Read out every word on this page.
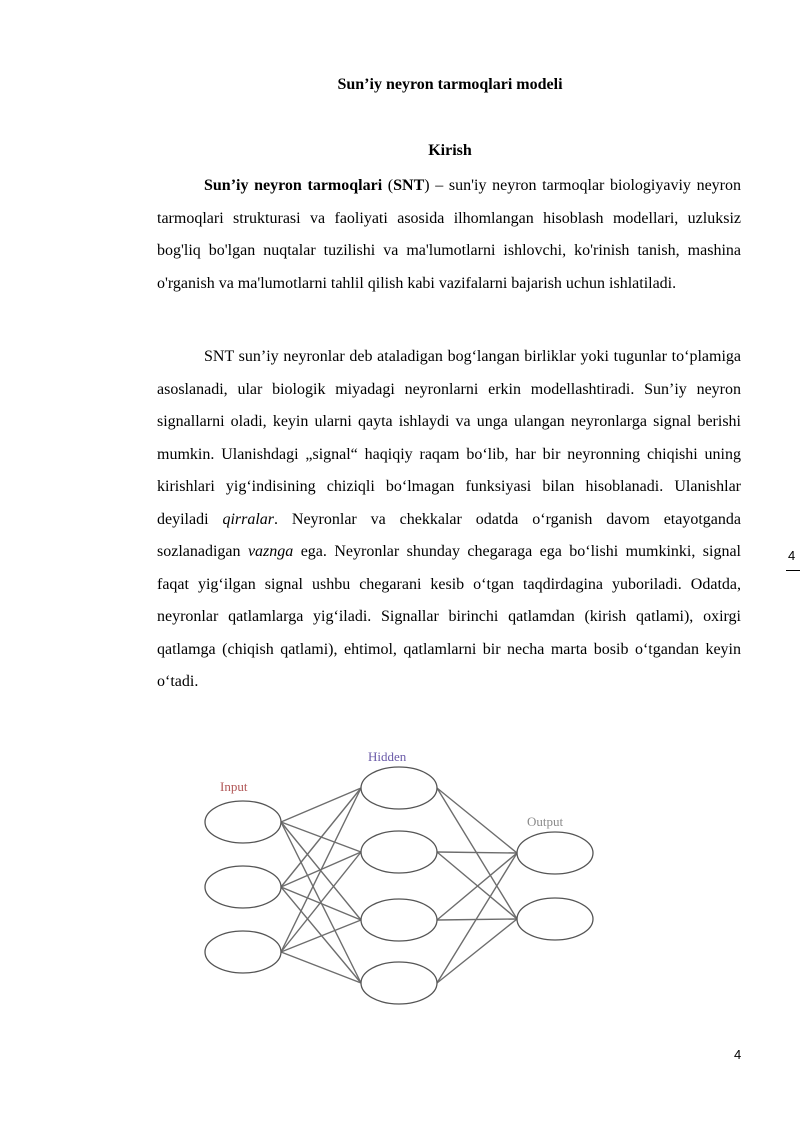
Sun’iy neyron tarmoqlari modeli
Kirish

Sun’iy neyron tarmoqlari (SNT) – sun'iy neyron tarmoqlar biologiyaviy neyron tarmoqlari strukturasi va faoliyati asosida ilhomlangan hisoblash modellari, uzluksiz bog'liq bo'lgan nuqtalar tuzilishi va ma'lumotlarni ishlovchi, ko'rinish tanish, mashina o'rganish va ma'lumotlarni tahlil qilish kabi vazifalarni bajarish uchun ishlatiladi.

SNT sun’iy neyronlar deb ataladigan bog‘langan birliklar yoki tugunlar to‘plamiga asoslanadi, ular biologik miyadagi neyronlarni erkin modellashtiradi. Sun’iy neyron signallarni oladi, keyin ularni qayta ishlaydi va unga ulangan neyronlarga signal berishi mumkin. Ulanishdagi „signal“ haqiqiy raqam bo‘lib, har bir neyronning chiqishi uning kirishlari yig‘indisining chiziqli bo‘lmagan funksiyasi bilan hisoblanadi. Ulanishlar deyiladi qirralar. Neyronlar va chekkalar odatda o‘rganish davom etayotganda sozlanadigan vaznga ega. Neyronlar shunday chegaraga ega bo‘lishi mumkinki, signal faqat yig‘ilgan signal ushbu chegarani kesib o‘tgan taqdirdagina yuboriladi. Odatda, neyronlar qatlamlarga yig‘iladi. Signallar birinchi qatlamdan (kirish qatlami), oxirgi qatlamga (chiqish qatlami), ehtimol, qatlamlarni bir necha marta bosib o‘tgandan keyin o‘tadi.

4
Input
Hidden
Output
4
